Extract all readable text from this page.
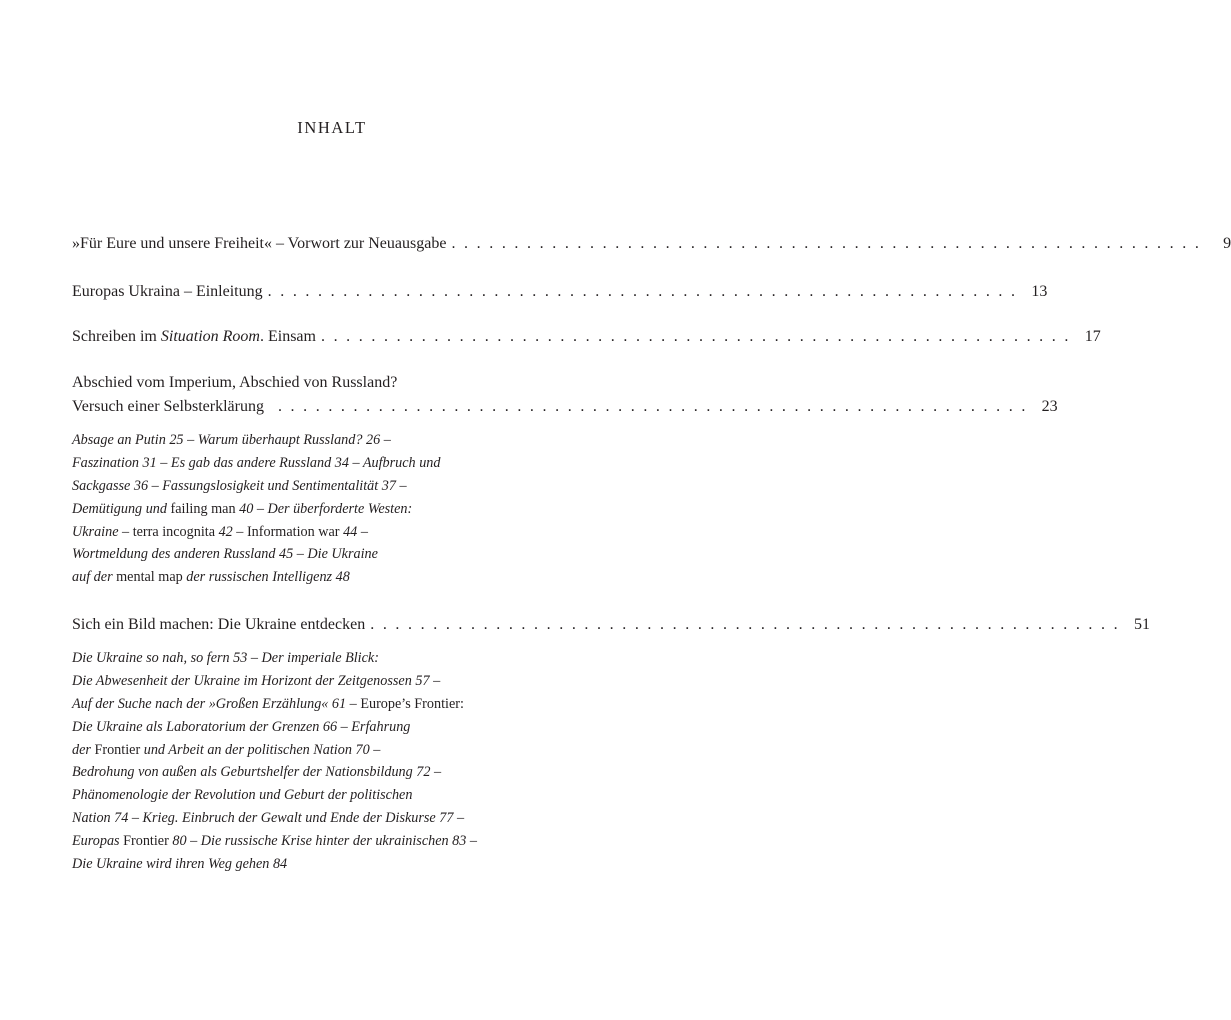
INHALT
»Für Eure und unsere Freiheit« – Vorwort zur Neuausgabe . . . . . . . . . . . . . . . . . . . . . . . . . . . . . . . . . . . . . . . . . . . . . . . . . . . . . . . . . . . .	9
Europas Ukraina – Einleitung . . . . . . . . . . . . . . . . . . . . . . . . . . . . . . . . . . . . . . . . . . . . . . . . . . . . . . . . . . . . 13
Schreiben im Situation Room. Einsam . . . . . . . . . . . . . . . . . . . . . . . . . . . . . . . . . . . . . . . . . . . . . . . . . . . . . . . . . . . . 17
Abschied vom Imperium, Abschied von Russland?
Versuch einer Selbsterklärung . . . . . . . . . . . . . . . . . . . . . . . . . . . . . . . . . . . . . . . . . . . . . . . . . . . . . . . . . . . . 23
Absage an Putin 25 – Warum überhaupt Russland? 26 –
Faszination 31 – Es gab das andere Russland 34 – Aufbruch und
Sackgasse 36 – Fassungslosigkeit und Sentimentalität 37 –
Demütigung und failing man 40 – Der überforderte Westen:
Ukraine – terra incognita 42 – Information war 44 –
Wortmeldung des anderen Russland 45 – Die Ukraine
auf der mental map der russischen Intelligenz 48
Sich ein Bild machen: Die Ukraine entdecken . . . . . . . . . . . . . . . . . . . . . . . . . . . . . . . . . . . . . . . . . . . . . . . . . . . . . . . . . . . . 51
Die Ukraine so nah, so fern 53 – Der imperiale Blick:
Die Abwesenheit der Ukraine im Horizont der Zeitgenossen 57 –
Auf der Suche nach der »Großen Erzählung« 61 – Europe’s Frontier:
Die Ukraine als Laboratorium der Grenzen 66 – Erfahrung
der Frontier und Arbeit an der politischen Nation 70 –
Bedrohung von außen als Geburtshelfer der Nationsbildung 72 –
Phänomenologie der Revolution und Geburt der politischen
Nation 74 – Krieg. Einbruch der Gewalt und Ende der Diskurse 77 –
Europas Frontier 80 – Die russische Krise hinter der ukrainischen 83 –
Die Ukraine wird ihren Weg gehen 84
